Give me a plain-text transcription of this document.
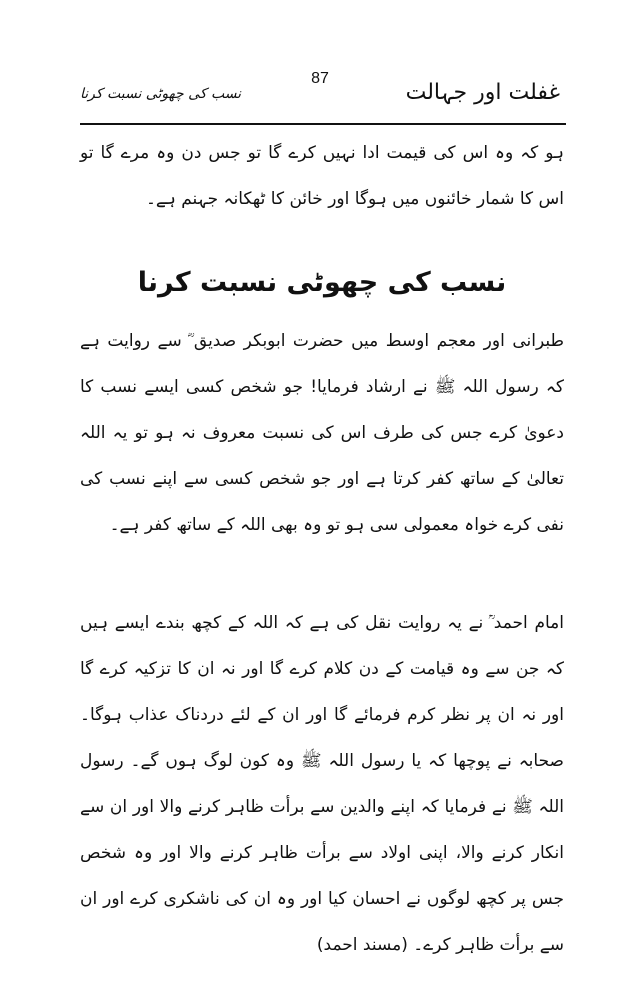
غفلت اور جہالت
87
نسب کی چھوٹی نسبت کرنا

ہو کہ وہ اس کی قیمت ادا نہیں کرے گا تو جس دن وہ مرے گا تو اس کا شمار خائنوں میں ہوگا اور خائن کا ٹھکانہ جہنم ہے۔

نسب کی چھوٹی نسبت کرنا

طبرانی اور معجم اوسط میں حضرت ابوبکر صدیق ؓ سے روایت ہے کہ رسول اللہ ﷺ نے ارشاد فرمایا! جو شخص کسی ایسے نسب کا دعویٰ کرے جس کی طرف اس کی نسبت معروف نہ ہو تو یہ اللہ تعالیٰ کے ساتھ کفر کرتا ہے اور جو شخص کسی سے اپنے نسب کی نفی کرے خواہ معمولی سی ہو تو وہ بھی اللہ کے ساتھ کفر ہے۔

امام احمد ؒ نے یہ روایت نقل کی ہے کہ اللہ کے کچھ بندے ایسے ہیں کہ جن سے وہ قیامت کے دن کلام کرے گا اور نہ ان کا تزکیہ کرے گا اور نہ ان پر نظر کرم فرمائے گا اور ان کے لئے دردناک عذاب ہوگا۔ صحابہ نے پوچھا کہ یا رسول اللہ ﷺ وہ کون لوگ ہوں گے۔ رسول اللہ ﷺ نے فرمایا کہ اپنے والدین سے برأت ظاہر کرنے والا اور ان سے انکار کرنے والا، اپنی اولاد سے برأت ظاہر کرنے والا اور وہ شخص جس پر کچھ لوگوں نے احسان کیا اور وہ ان کی ناشکری کرے اور ان سے برأت ظاہر کرے۔ (مسند احمد)
